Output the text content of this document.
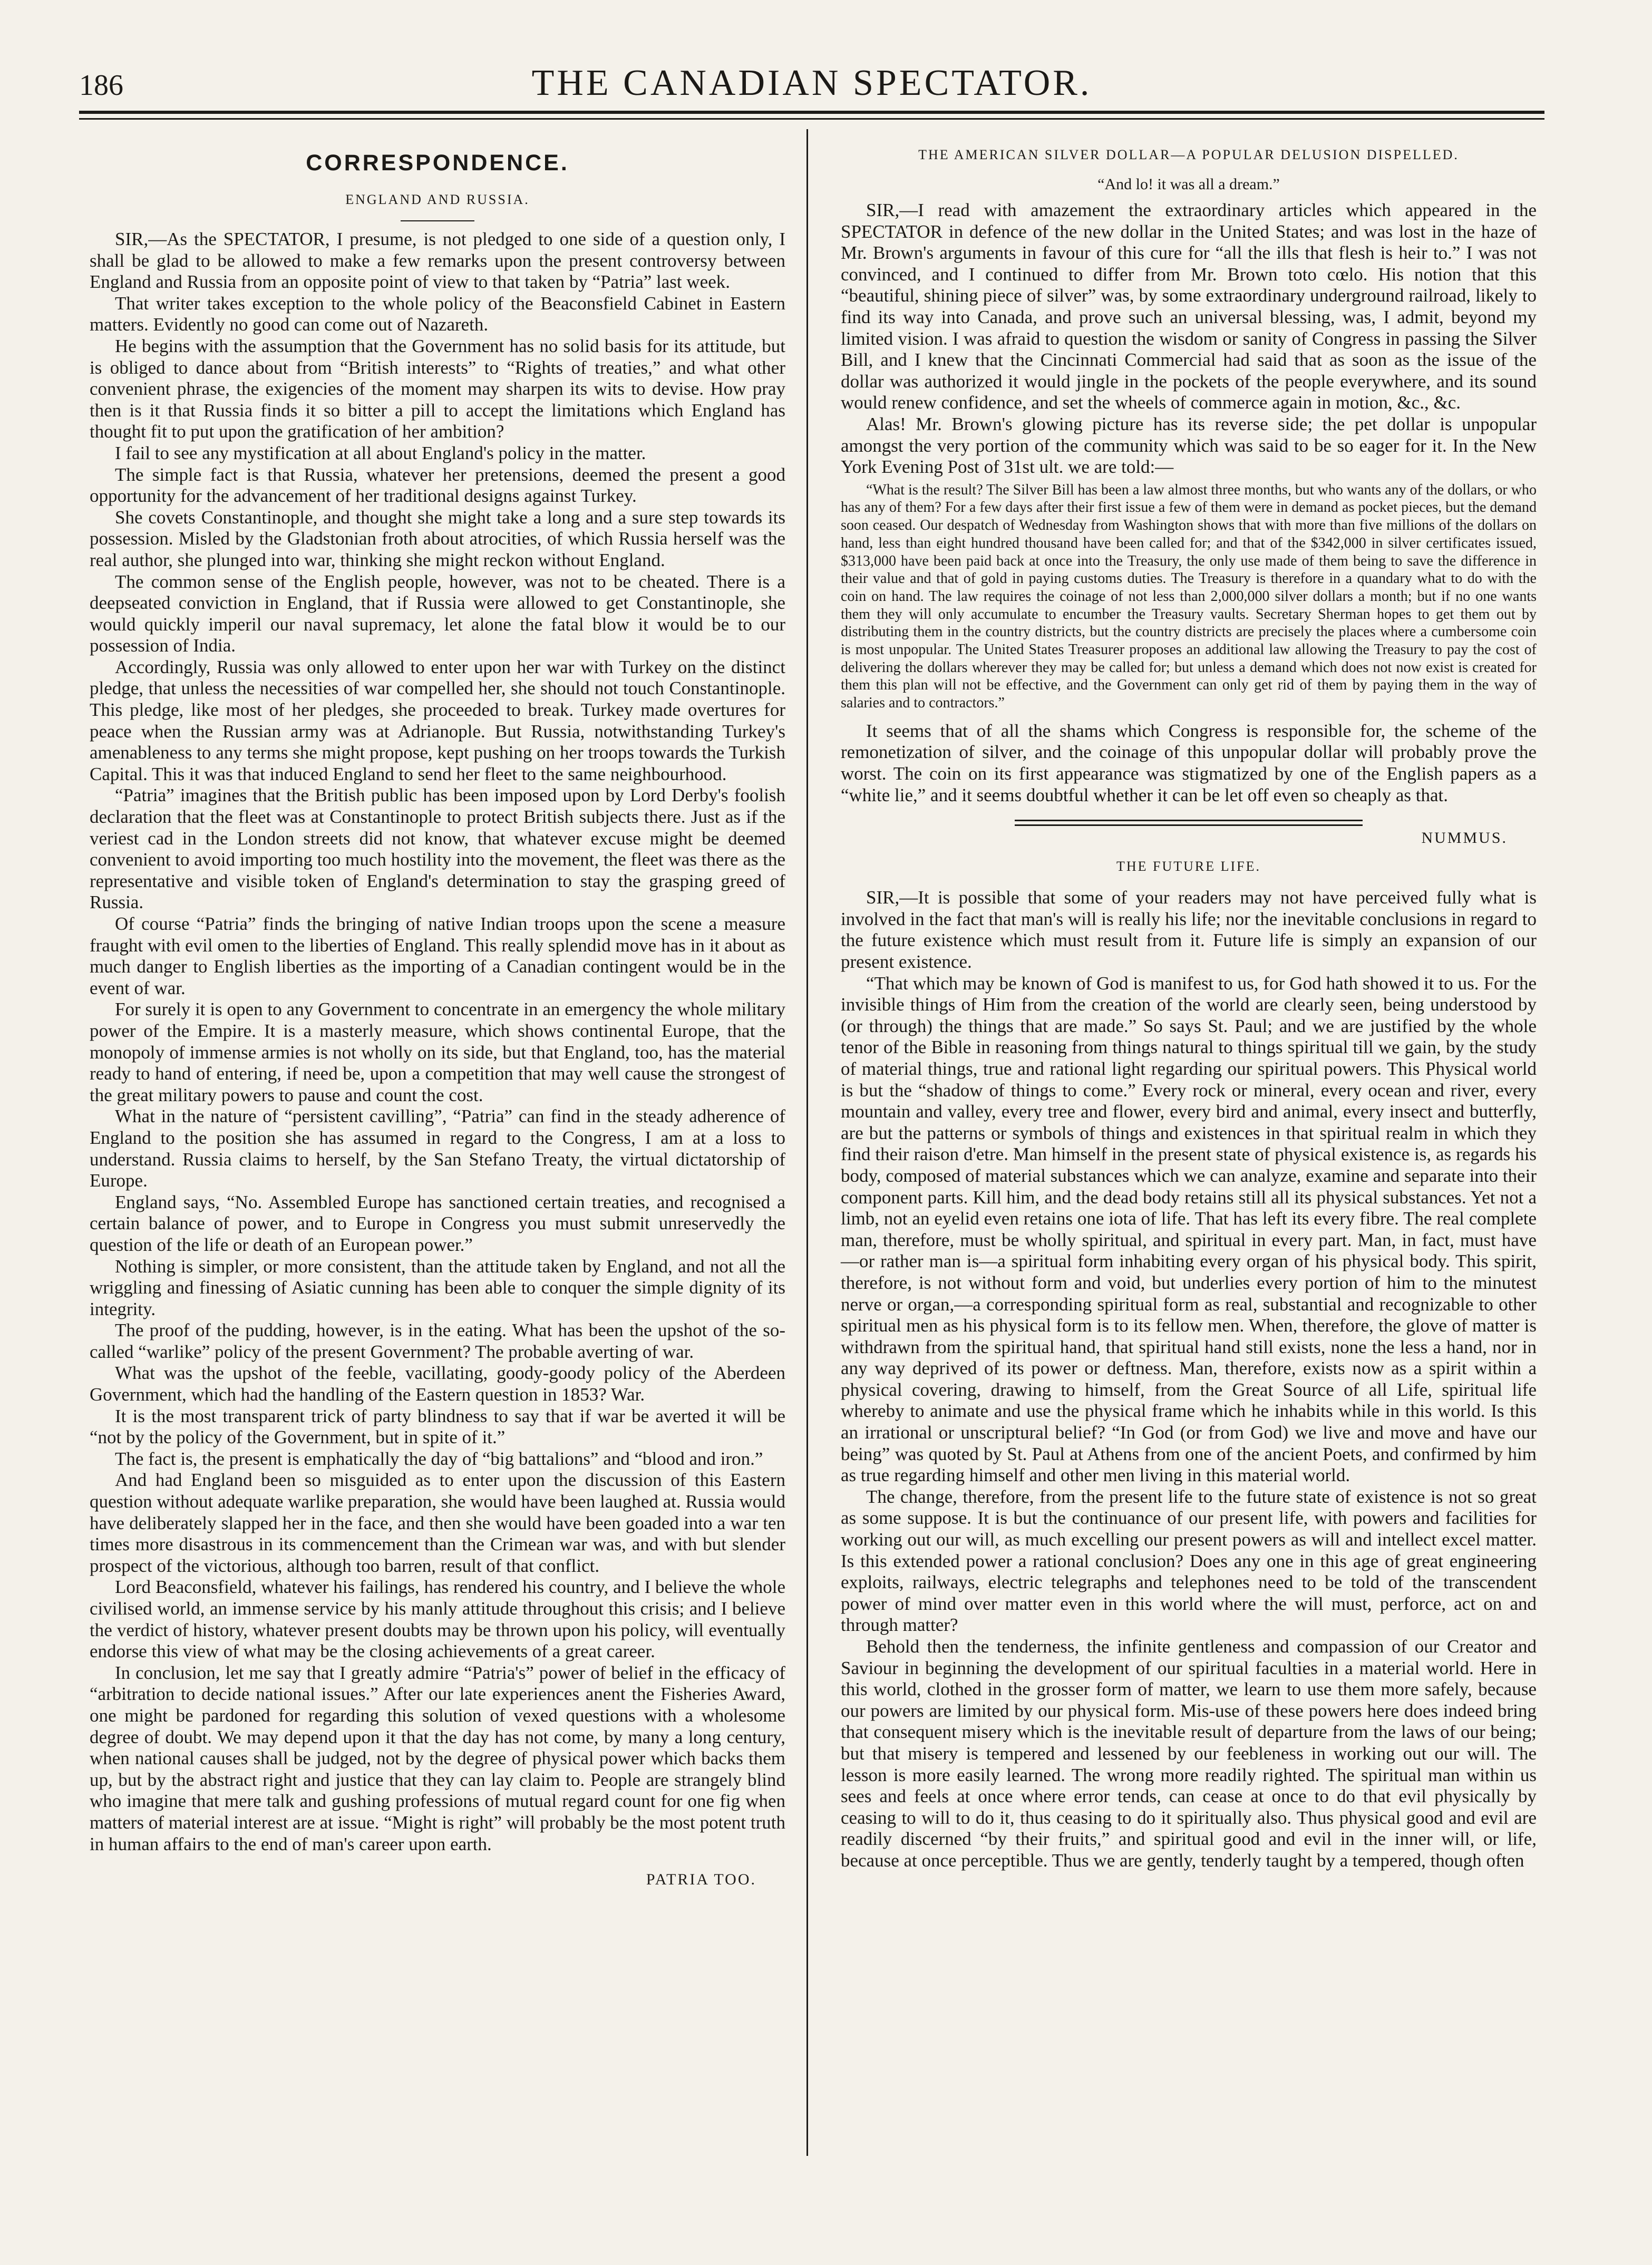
186	THE CANADIAN SPECTATOR.
CORRESPONDENCE.
ENGLAND AND RUSSIA.

SIR,—As the SPECTATOR, I presume, is not pledged to one side of a question only, I shall be glad to be allowed to make a few remarks upon the present controversy between England and Russia from an opposite point of view to that taken by “Patria” last week.

That writer takes exception to the whole policy of the Beaconsfield Cabinet in Eastern matters. Evidently no good can come out of Nazareth.

He begins with the assumption that the Government has no solid basis for its attitude, but is obliged to dance about from “British interests” to “Rights of treaties,” and what other convenient phrase, the exigencies of the moment may sharpen its wits to devise. How pray then is it that Russia finds it so bitter a pill to accept the limitations which England has thought fit to put upon the gratification of her ambition?

I fail to see any mystification at all about England's policy in the matter.

The simple fact is that Russia, whatever her pretensions, deemed the present a good opportunity for the advancement of her traditional designs against Turkey.

She covets Constantinople, and thought she might take a long and a sure step towards its possession. Misled by the Gladstonian froth about atrocities, of which Russia herself was the real author, she plunged into war, thinking she might reckon without England.

The common sense of the English people, however, was not to be cheated. There is a deepseated conviction in England, that if Russia were allowed to get Constantinople, she would quickly imperil our naval supremacy, let alone the fatal blow it would be to our possession of India.

Accordingly, Russia was only allowed to enter upon her war with Turkey on the distinct pledge, that unless the necessities of war compelled her, she should not touch Constantinople. This pledge, like most of her pledges, she proceeded to break. Turkey made overtures for peace when the Russian army was at Adrianople. But Russia, notwithstanding Turkey's amenableness to any terms she might propose, kept pushing on her troops towards the Turkish Capital. This it was that induced England to send her fleet to the same neighbourhood.

“Patria” imagines that the British public has been imposed upon by Lord Derby's foolish declaration that the fleet was at Constantinople to protect British subjects there. Just as if the veriest cad in the London streets did not know, that whatever excuse might be deemed convenient to avoid importing too much hostility into the movement, the fleet was there as the representative and visible token of England's determination to stay the grasping greed of Russia.

Of course “Patria” finds the bringing of native Indian troops upon the scene a measure fraught with evil omen to the liberties of England. This really splendid move has in it about as much danger to English liberties as the importing of a Canadian contingent would be in the event of war.

For surely it is open to any Government to concentrate in an emergency the whole military power of the Empire. It is a masterly measure, which shows continental Europe, that the monopoly of immense armies is not wholly on its side, but that England, too, has the material ready to hand of entering, if need be, upon a competition that may well cause the strongest of the great military powers to pause and count the cost.

What in the nature of “persistent cavilling”, “Patria” can find in the steady adherence of England to the position she has assumed in regard to the Congress, I am at a loss to understand. Russia claims to herself, by the San Stefano Treaty, the virtual dictatorship of Europe.

England says, “No. Assembled Europe has sanctioned certain treaties, and recognised a certain balance of power, and to Europe in Congress you must submit unreservedly the question of the life or death of an European power.”

Nothing is simpler, or more consistent, than the attitude taken by England, and not all the wriggling and finessing of Asiatic cunning has been able to conquer the simple dignity of its integrity.

The proof of the pudding, however, is in the eating. What has been the upshot of the so-called “warlike” policy of the present Government? The probable averting of war.

What was the upshot of the feeble, vacillating, goody-goody policy of the Aberdeen Government, which had the handling of the Eastern question in 1853? War.

It is the most transparent trick of party blindness to say that if war be averted it will be “not by the policy of the Government, but in spite of it.”

The fact is, the present is emphatically the day of “big battalions” and “blood and iron.”

And had England been so misguided as to enter upon the discussion of this Eastern question without adequate warlike preparation, she would have been laughed at. Russia would have deliberately slapped her in the face, and then she would have been goaded into a war ten times more disastrous in its commencement than the Crimean war was, and with but slender prospect of the victorious, although too barren, result of that conflict.

Lord Beaconsfield, whatever his failings, has rendered his country, and I believe the whole civilised world, an immense service by his manly attitude throughout this crisis; and I believe the verdict of history, whatever present doubts may be thrown upon his policy, will eventually endorse this view of what may be the closing achievements of a great career.

In conclusion, let me say that I greatly admire “Patria's” power of belief in the efficacy of “arbitration to decide national issues.” After our late experiences anent the Fisheries Award, one might be pardoned for regarding this solution of vexed questions with a wholesome degree of doubt. We may depend upon it that the day has not come, by many a long century, when national causes shall be judged, not by the degree of physical power which backs them up, but by the abstract right and justice that they can lay claim to. People are strangely blind who imagine that mere talk and gushing professions of mutual regard count for one fig when matters of material interest are at issue. “Might is right” will probably be the most potent truth in human affairs to the end of man's career upon earth.

PATRIA TOO.
THE AMERICAN SILVER DOLLAR—A POPULAR DELUSION DISPELLED.
“And lo! it was all a dream.”

SIR,—I read with amazement the extraordinary articles which appeared in the SPECTATOR in defence of the new dollar in the United States; and was lost in the haze of Mr. Brown's arguments in favour of this cure for “all the ills that flesh is heir to.” I was not convinced, and I continued to differ from Mr. Brown toto cœlo. His notion that this “beautiful, shining piece of silver” was, by some extraordinary underground railroad, likely to find its way into Canada, and prove such an universal blessing, was, I admit, beyond my limited vision. I was afraid to question the wisdom or sanity of Congress in passing the Silver Bill, and I knew that the Cincinnati Commercial had said that as soon as the issue of the dollar was authorized it would jingle in the pockets of the people everywhere, and its sound would renew confidence, and set the wheels of commerce again in motion, &c., &c.

Alas! Mr. Brown's glowing picture has its reverse side; the pet dollar is unpopular amongst the very portion of the community which was said to be so eager for it. In the New York Evening Post of 31st ult. we are told:—

“What is the result? The Silver Bill has been a law almost three months, but who wants any of the dollars, or who has any of them? For a few days after their first issue a few of them were in demand as pocket pieces, but the demand soon ceased. Our despatch of Wednesday from Washington shows that with more than five millions of the dollars on hand, less than eight hundred thousand have been called for; and that of the $342,000 in silver certificates issued, $313,000 have been paid back at once into the Treasury, the only use made of them being to save the difference in their value and that of gold in paying customs duties. The Treasury is therefore in a quandary what to do with the coin on hand. The law requires the coinage of not less than 2,000,000 silver dollars a month; but if no one wants them they will only accumulate to encumber the Treasury vaults. Secretary Sherman hopes to get them out by distributing them in the country districts, but the country districts are precisely the places where a cumbersome coin is most unpopular. The United States Treasurer proposes an additional law allowing the Treasury to pay the cost of delivering the dollars wherever they may be called for; but unless a demand which does not now exist is created for them this plan will not be effective, and the Government can only get rid of them by paying them in the way of salaries and to contractors.”

It seems that of all the shams which Congress is responsible for, the scheme of the remonetization of silver, and the coinage of this unpopular dollar will probably prove the worst. The coin on its first appearance was stigmatized by one of the English papers as a “white lie,” and it seems doubtful whether it can be let off even so cheaply as that.

NUMMUS.
THE FUTURE LIFE.

SIR,—It is possible that some of your readers may not have perceived fully what is involved in the fact that man's will is really his life; nor the inevitable conclusions in regard to the future existence which must result from it. Future life is simply an expansion of our present existence.

“That which may be known of God is manifest to us, for God hath showed it to us. For the invisible things of Him from the creation of the world are clearly seen, being understood by (or through) the things that are made.” So says St. Paul; and we are justified by the whole tenor of the Bible in reasoning from things natural to things spiritual till we gain, by the study of material things, true and rational light regarding our spiritual powers. This Physical world is but the “shadow of things to come.” Every rock or mineral, every ocean and river, every mountain and valley, every tree and flower, every bird and animal, every insect and butterfly, are but the patterns or symbols of things and existences in that spiritual realm in which they find their raison d'etre. Man himself in the present state of physical existence is, as regards his body, composed of material substances which we can analyze, examine and separate into their component parts. Kill him, and the dead body retains still all its physical substances. Yet not a limb, not an eyelid even retains one iota of life. That has left its every fibre. The real complete man, therefore, must be wholly spiritual, and spiritual in every part. Man, in fact, must have—or rather man is—a spiritual form inhabiting every organ of his physical body. This spirit, therefore, is not without form and void, but underlies every portion of him to the minutest nerve or organ,—a corresponding spiritual form as real, substantial and recognizable to other spiritual men as his physical form is to its fellow men. When, therefore, the glove of matter is withdrawn from the spiritual hand, that spiritual hand still exists, none the less a hand, nor in any way deprived of its power or deftness. Man, therefore, exists now as a spirit within a physical covering, drawing to himself, from the Great Source of all Life, spiritual life whereby to animate and use the physical frame which he inhabits while in this world. Is this an irrational or unscriptural belief? “In God (or from God) we live and move and have our being” was quoted by St. Paul at Athens from one of the ancient Poets, and confirmed by him as true regarding himself and other men living in this material world.

The change, therefore, from the present life to the future state of existence is not so great as some suppose. It is but the continuance of our present life, with powers and facilities for working out our will, as much excelling our present powers as will and intellect excel matter. Is this extended power a rational conclusion? Does any one in this age of great engineering exploits, railways, electric telegraphs and telephones need to be told of the transcendent power of mind over matter even in this world where the will must, perforce, act on and through matter?

Behold then the tenderness, the infinite gentleness and compassion of our Creator and Saviour in beginning the development of our spiritual faculties in a material world. Here in this world, clothed in the grosser form of matter, we learn to use them more safely, because our powers are limited by our physical form. Mis-use of these powers here does indeed bring that consequent misery which is the inevitable result of departure from the laws of our being; but that misery is tempered and lessened by our feebleness in working out our will. The lesson is more easily learned. The wrong more readily righted. The spiritual man within us sees and feels at once where error tends, can cease at once to do that evil physically by ceasing to will to do it, thus ceasing to do it spiritually also. Thus physical good and evil are readily discerned “by their fruits,” and spiritual good and evil in the inner will, or life, because at once perceptible. Thus we are gently, tenderly taught by a tempered, though often
